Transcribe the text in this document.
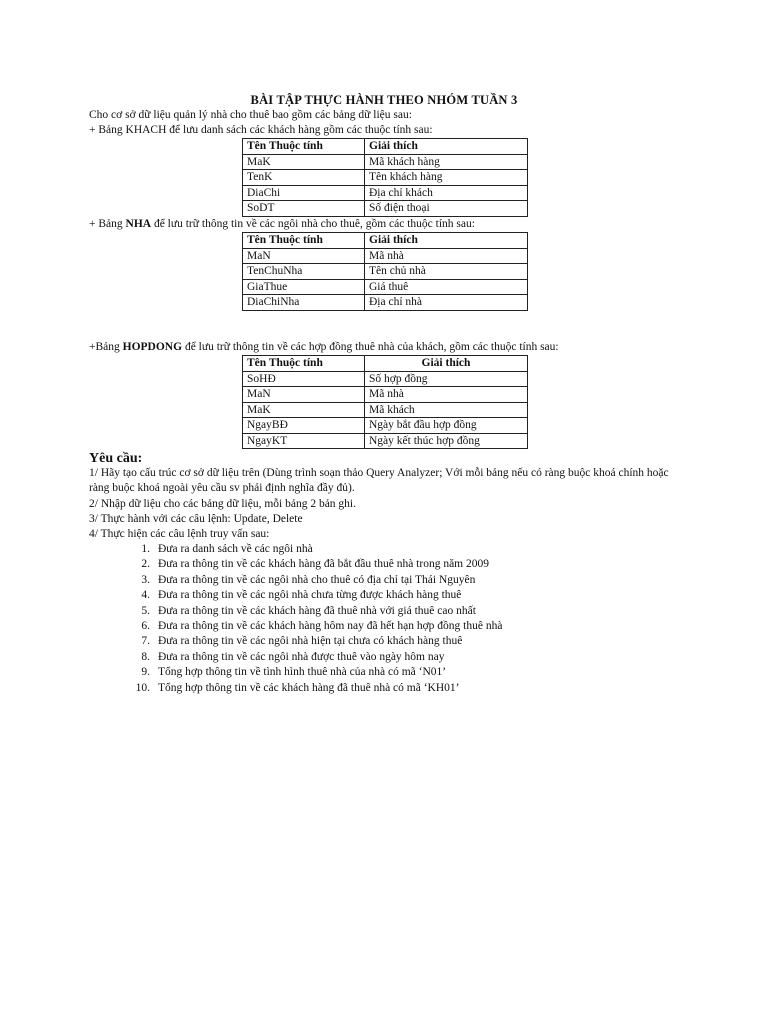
BÀI TẬP THỰC HÀNH THEO NHÓM TUẦN 3
Cho cơ sở dữ liệu quản lý nhà cho thuê bao gồm các bảng dữ liệu sau:
+ Bảng KHACH để lưu danh sách các khách hàng gồm các thuộc tính sau:
Tên Thuộc tính	Giải thích
MaK	Mã khách hàng
TenK	Tên khách hàng
DiaChi	Địa chỉ khách
SoDT	Số điện thoại
+ Bảng NHA để lưu trữ thông tin về các ngôi nhà cho thuê, gồm các thuộc tính sau:
Tên Thuộc tính	Giải thích
MaN	Mã nhà
TenChuNha	Tên chủ nhà
GiaThue	Giá thuê
DiaChiNha	Địa chỉ nhà
+Bảng HOPDONG để lưu trữ thông tin về các hợp đồng thuê nhà của khách, gồm các thuộc tính sau:
Tên Thuộc tính	Giải thích
SoHĐ	Số hợp đồng
MaN	Mã nhà
MaK	Mã khách
NgayBĐ	Ngày bắt đầu hợp đồng
NgayKT	Ngày kết thúc hợp đồng
Yêu cầu:
1/ Hãy tạo cấu trúc cơ sở dữ liệu trên (Dùng trình soạn thảo Query Analyzer; Với mỗi bảng nếu có ràng buộc khoá chính hoặc ràng buộc khoá ngoài yêu cầu sv phải định nghĩa đầy đủ).
2/ Nhập dữ liệu cho các bảng dữ liệu, mỗi bảng 2 bản ghi.
3/ Thực hành với các câu lệnh: Update, Delete
4/ Thực hiện các câu lệnh truy vấn sau:
1. Đưa ra danh sách về các ngôi nhà
2. Đưa ra thông tin về các khách hàng đã bắt đầu thuê nhà trong năm 2009
3. Đưa ra thông tin về các ngôi nhà cho thuê có địa chỉ tại Thái Nguyên
4. Đưa ra thông tin về các ngôi nhà chưa từng được khách hàng thuê
5. Đưa ra thông tin về các khách hàng đã thuê nhà với giá thuê cao nhất
6. Đưa ra thông tin về các khách hàng hôm nay đã hết hạn hợp đồng thuê nhà
7. Đưa ra thông tin về các ngôi nhà hiện tại chưa có khách hàng thuê
8. Đưa ra thông tin về các ngôi nhà được thuê vào ngày hôm nay
9. Tổng hợp thông tin về tình hình thuê nhà của nhà có mã ‘N01’
10. Tổng hợp thông tin về các khách hàng đã thuê nhà có mã ‘KH01’
